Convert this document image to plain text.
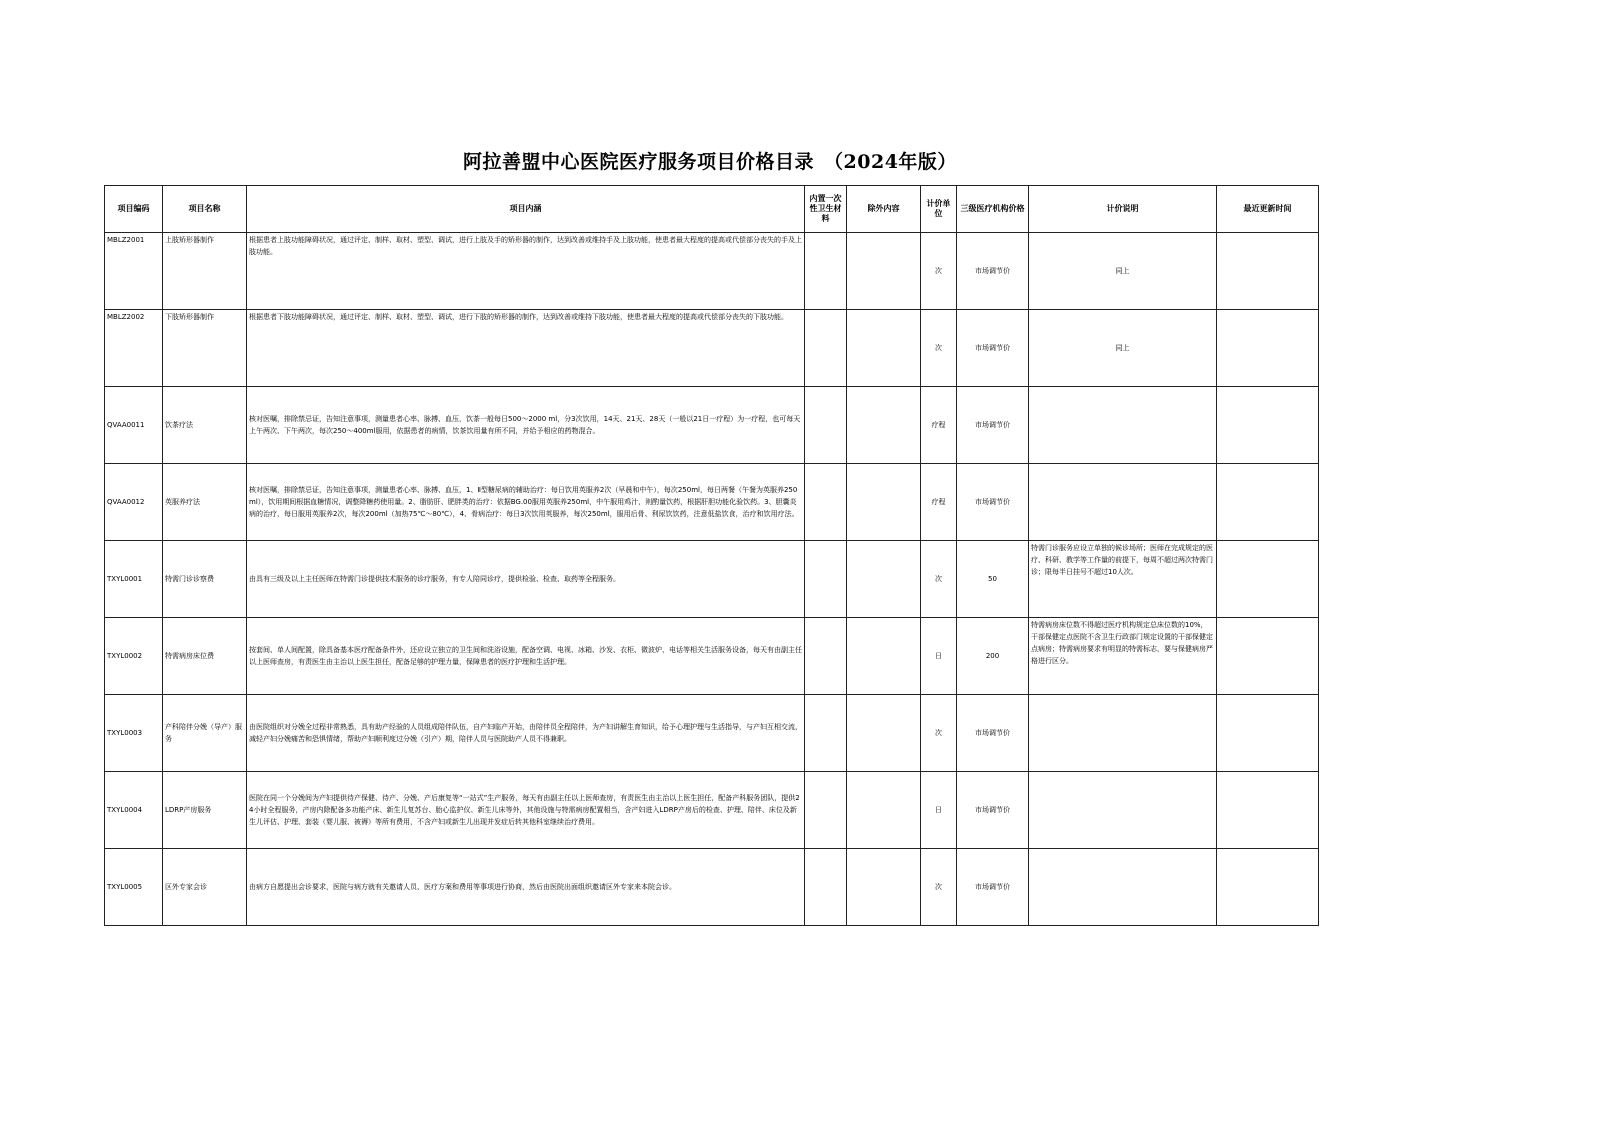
阿拉善盟中心医院医疗服务项目价格目录　（2024年版）
项目编码	项目名称	项目内涵	内置一次性卫生材料	除外内容	计价单位	三级医疗机构价格	计价说明	最近更新时间
MBLZ2001	上肢矫形器制作	根据患者上肢功能障碍状况，通过评定、制样、取材、塑型、调试，进行上肢及手的矫形器的制作，达到改善或维持手及上肢功能，使患者最大程度的提高或代偿部分丧失的手及上肢功能。			次	市场调节价	同上	
MBLZ2002	下肢矫形器制作	根据患者下肢功能障碍状况，通过评定、制样、取材、塑型、调试，进行下肢的矫形器的制作，达到改善或维持下肢功能，使患者最大程度的提高或代偿部分丧失的下肢功能。			次	市场调节价	同上	
QVAA0011	饮茶疗法	核对医嘱，排除禁忌证，告知注意事项，测量患者心率、脉搏、血压，饮茶一般每日500～2000 ml，分3次饮用，14天、21天、28天（一般以21日一疗程）为一疗程，也可每天上午两次、下午两次，每次250～400ml服用，依据患者的病情，饮茶饮用量有所不同，并给予相应的药物混合。			疗程	市场调节价		
QVAA0012	英服养疗法	核对医嘱，排除禁忌证，告知注意事项，测量患者心率、脉搏、血压，1、Ⅱ型糖尿病的辅助治疗：每日饮用英服养2次（早晨和中午），每次250ml，每日两餐（午餐为英服养250ml），饮用期间根据血糖情况，调整降糖药使用量。2、脂肪肝、肥胖类的治疗：依据BG.00服用英服养250ml，中午服用鸡汁，则酌量饮药，根据肝胆功能化验饮药。3、胆囊炎病的治疗，每日服用英服养2次，每次200ml（加热75℃～80℃），4、骨病治疗：每日3次饮用英服养，每次250ml，服用后骨、利尿饮饮药，注意低盐饮食，治疗和饮用疗法。			疗程	市场调节价		
TXYL0001	特需门诊诊察费	由具有三级及以上主任医师在特需门诊提供技术服务的诊疗服务，有专人陪同诊疗，提供检验、检查、取药等全程服务。			次	50	特需门诊服务应设立单独的候诊场所；医师在完成规定的医疗、科研、教学等工作量的前提下，每周不超过两次特需门诊；限每半日挂号不超过10人次。	
TXYL0002	特需病房床位费	按套间、单人间配置，除具备基本医疗配备条件外，还应设立独立的卫生间和洗浴设施，配备空调、电视、冰箱、沙发、衣柜、微波炉、电话等相关生活服务设备，每天有由副主任以上医师查房，有责医生由主治以上医生担任，配备足够的护理力量，保障患者的医疗护理和生活护理。			日	200	特需病房床位数不得超过医疗机构规定总床位数的10%，干部保健定点医院不含卫生行政部门规定设置的干部保健定点病房；特需病房要求有明显的特需标志，要与保健病房严格进行区分。	
TXYL0003	产科陪伴分娩（导产）服务	由医院组织对分娩全过程非常熟悉，具有助产经验的人员组成陪伴队伍，自产妇临产开始，由陪伴员全程陪伴，为产妇讲解生育知识，给予心理护理与生活指导，与产妇互相交流，减轻产妇分娩痛苦和恐惧情绪，帮助产妇顺利度过分娩（引产）期，陪伴人员与医院助产人员不得兼职。			次	市场调节价		
TXYL0004	LDRP产房服务	医院在同一个分娩间为产妇提供待产保健、待产、分娩、产后康复等“一站式”生产服务，每天有由副主任以上医师查房，有责医生由主治以上医生担任，配备产科服务团队，提供24小时全程服务，产房内除配备多功能产床、新生儿复苏台、胎心监护仪、新生儿床等外，其他设施与特需病房配置相当，含产妇进入LDRP产房后的检查、护理、陪伴、床位及新生儿评估、护理、套装（婴儿服、被褥）等所有费用，不含产妇或新生儿出现并发症后转其他科室继续治疗费用。			日	市场调节价		
TXYL0005	区外专家会诊	由病方自愿提出会诊要求，医院与病方就有关邀请人员、医疗方案和费用等事项进行协商，然后由医院出面组织邀请区外专家来本院会诊。			次	市场调节价		
